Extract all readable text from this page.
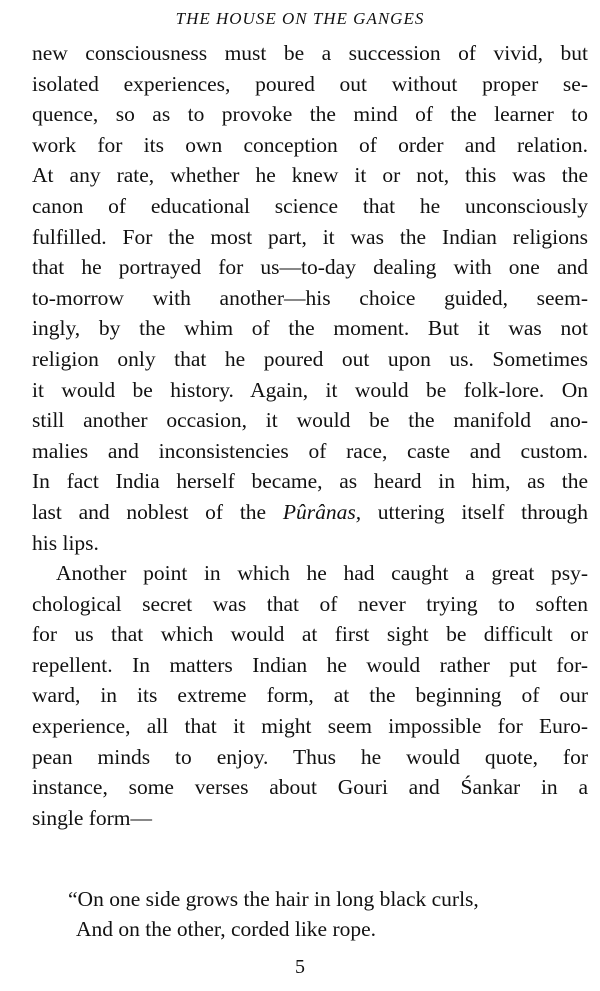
THE HOUSE ON THE GANGES
new consciousness must be a succession of vivid, but
isolated experiences, poured out without proper se-
quence, so as to provoke the mind of the learner to
work for its own conception of order and relation.
At any rate, whether he knew it or not, this was the
canon of educational science that he unconsciously
fulfilled. For the most part, it was the Indian religions
that he portrayed for us—to-day dealing with one and
to-morrow with another—his choice guided, seem-
ingly, by the whim of the moment. But it was not
religion only that he poured out upon us. Sometimes
it would be history. Again, it would be folk-lore. On
still another occasion, it would be the manifold ano-
malies and inconsistencies of race, caste and custom.
In fact India herself became, as heard in him, as the
last and noblest of the Pûrânas, uttering itself through
his lips.
Another point in which he had caught a great psy-
chological secret was that of never trying to soften
for us that which would at first sight be difficult or
repellent. In matters Indian he would rather put for-
ward, in its extreme form, at the beginning of our
experience, all that it might seem impossible for Euro-
pean minds to enjoy. Thus he would quote, for
instance, some verses about Gouri and Śankar in a
single form—
“On one side grows the hair in long black curls,
And on the other, corded like rope.
5
